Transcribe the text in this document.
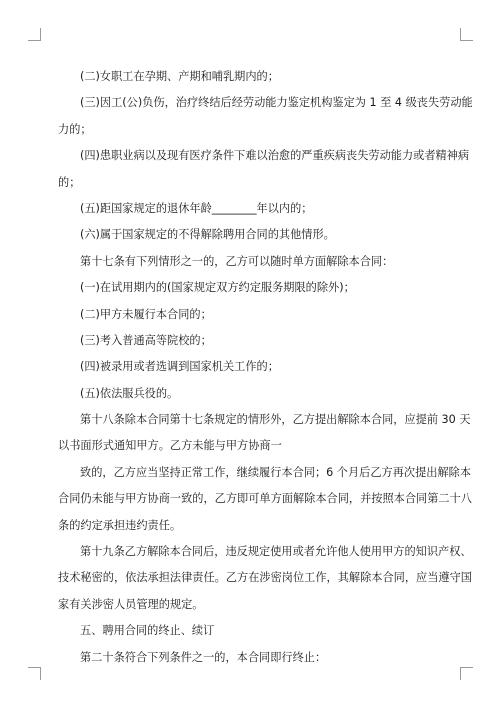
(二)女职工在孕期、产期和哺乳期内的；
(三)因工(公)负伤，治疗终结后经劳动能力鉴定机构鉴定为 1 至 4 级丧失劳动能
力的；
(四)患职业病以及现有医疗条件下难以治愈的严重疾病丧失劳动能力或者精神病
的；
(五)距国家规定的退休年龄________年以内的；
(六)属于国家规定的不得解除聘用合同的其他情形。
第十七条有下列情形之一的，乙方可以随时单方面解除本合同：
(一)在试用期内的(国家规定双方约定服务期限的除外)；
(二)甲方未履行本合同的；
(三)考入普通高等院校的；
(四)被录用或者选调到国家机关工作的；
(五)依法服兵役的。
第十八条除本合同第十七条规定的情形外，乙方提出解除本合同，应提前 30 天
以书面形式通知甲方。乙方未能与甲方协商一
致的，乙方应当坚持正常工作，继续履行本合同；6 个月后乙方再次提出解除本
合同仍未能与甲方协商一致的，乙方即可单方面解除本合同，并按照本合同第二十八
条的约定承担违约责任。
第十九条乙方解除本合同后，违反规定使用或者允许他人使用甲方的知识产权、
技术秘密的，依法承担法律责任。乙方在涉密岗位工作，其解除本合同，应当遵守国
家有关涉密人员管理的规定。
五、聘用合同的终止、续订
第二十条符合下列条件之一的，本合同即行终止：
